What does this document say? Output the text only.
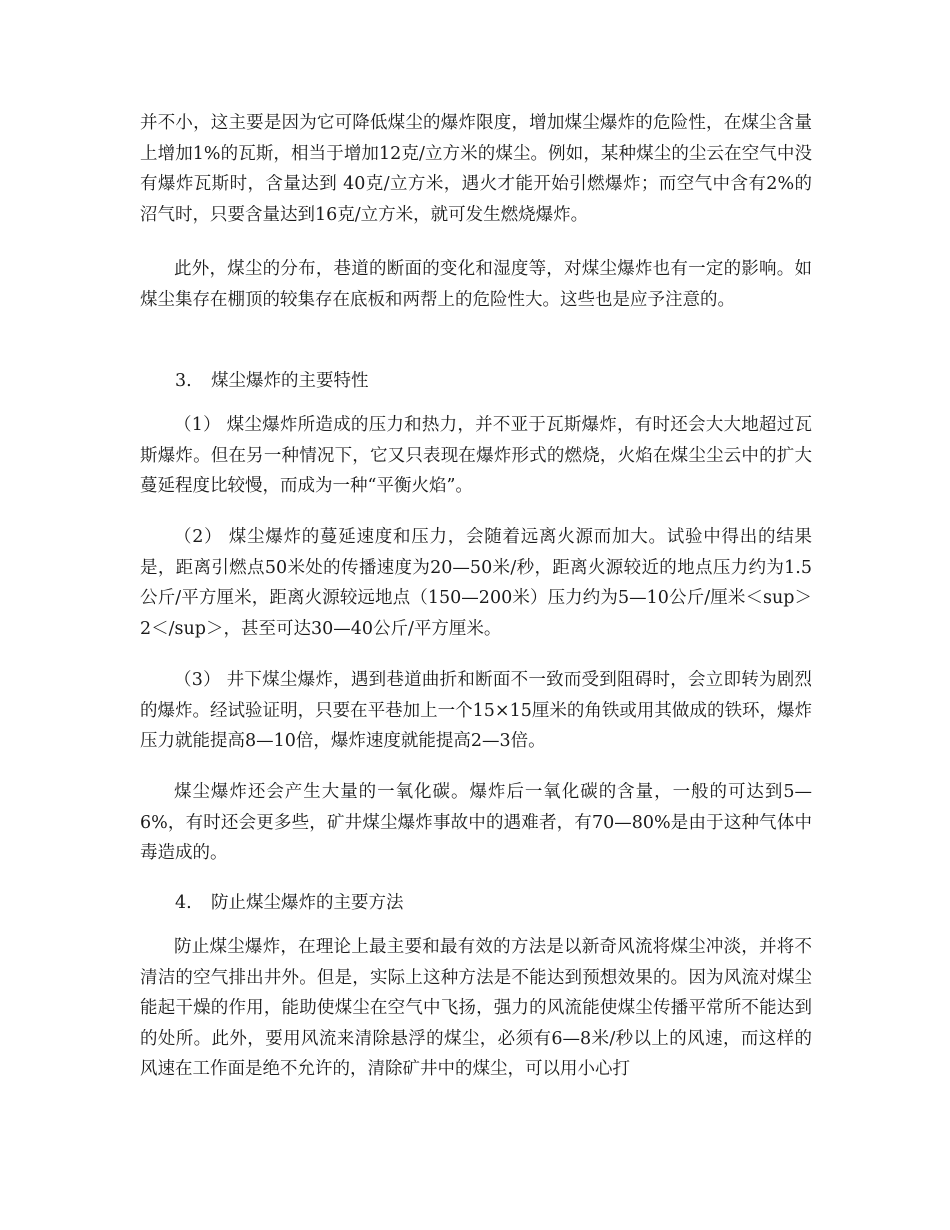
并不小，这主要是因为它可降低煤尘的爆炸限度，增加煤尘爆炸的危险性，在煤尘含量上增加1%的瓦斯，相当于增加12克/立方米的煤尘。例如，某种煤尘的尘云在空气中没有爆炸瓦斯时，含量达到 40克/立方米，遇火才能开始引燃爆炸；而空气中含有2%的沼气时，只要含量达到16克/立方米，就可发生燃烧爆炸。

此外，煤尘的分布，巷道的断面的变化和湿度等，对煤尘爆炸也有一定的影响。如煤尘集存在棚顶的较集存在底板和两帮上的危险性大。这些也是应予注意的。

3. 煤尘爆炸的主要特性

（1） 煤尘爆炸所造成的压力和热力，并不亚于瓦斯爆炸，有时还会大大地超过瓦斯爆炸。但在另一种情况下，它又只表现在爆炸形式的燃烧，火焰在煤尘尘云中的扩大蔓延程度比较慢，而成为一种“平衡火焰”。

（2） 煤尘爆炸的蔓延速度和压力，会随着远离火源而加大。试验中得出的结果是，距离引燃点50米处的传播速度为20—50米/秒，距离火源较近的地点压力约为1.5公斤/平方厘米，距离火源较远地点（150—200米）压力约为5—10公斤/厘米＜sup＞2＜/sup＞，甚至可达30—40公斤/平方厘米。

（3） 井下煤尘爆炸，遇到巷道曲折和断面不一致而受到阻碍时，会立即转为剧烈的爆炸。经试验证明，只要在平巷加上一个15×15厘米的角铁或用其做成的铁环，爆炸压力就能提高8—10倍，爆炸速度就能提高2—3倍。

煤尘爆炸还会产生大量的一氧化碳。爆炸后一氧化碳的含量，一般的可达到5—6%，有时还会更多些，矿井煤尘爆炸事故中的遇难者，有70—80%是由于这种气体中毒造成的。

4. 防止煤尘爆炸的主要方法

防止煤尘爆炸，在理论上最主要和最有效的方法是以新奇风流将煤尘冲淡，并将不清洁的空气排出井外。但是，实际上这种方法是不能达到预想效果的。因为风流对煤尘能起干燥的作用，能助使煤尘在空气中飞扬，强力的风流能使煤尘传播平常所不能达到的处所。此外，要用风流来清除悬浮的煤尘，必须有6—8米/秒以上的风速，而这样的风速在工作面是绝不允许的，清除矿井中的煤尘，可以用小心打
